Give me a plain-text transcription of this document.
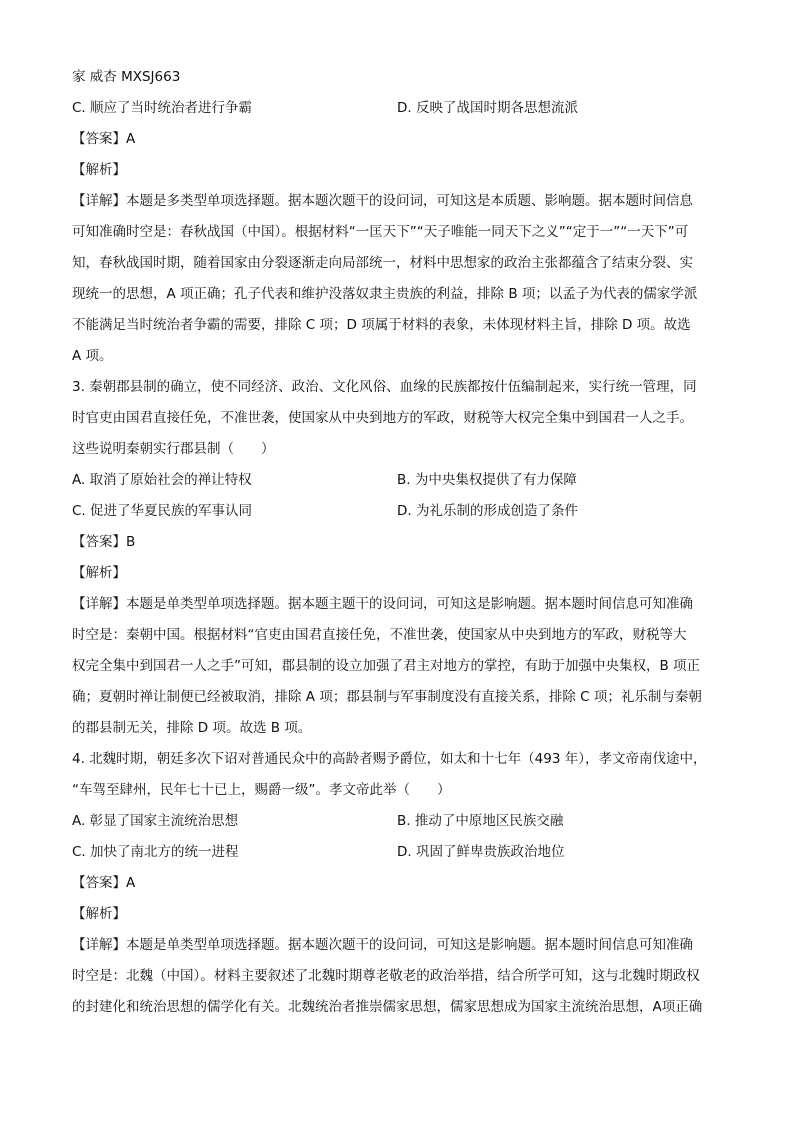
家 威杏 MXSJ663
C. 顺应了当时统治者进行争霸	D. 反映了战国时期各思想流派
【答案】A
【解析】
【详解】本题是多类型单项选择题。据本题次题干的设问词，可知这是本质题、影响题。据本题时间信息
可知准确时空是：春秋战国（中国）。根据材料“一匡天下”“天子唯能一同天下之义”“定于一”“一天下”可
知，春秋战国时期，随着国家由分裂逐渐走向局部统一，材料中思想家的政治主张都蕴含了结束分裂、实
现统一的思想，A 项正确；孔子代表和维护没落奴隶主贵族的利益，排除 B 项；以孟子为代表的儒家学派
不能满足当时统治者争霸的需要，排除 C 项；D 项属于材料的表象，未体现材料主旨，排除 D 项。故选
A 项。
3. 秦朝郡县制的确立，使不同经济、政治、文化风俗、血缘的民族都按什伍编制起来，实行统一管理，同
时官吏由国君直接任免，不准世袭，使国家从中央到地方的军政，财税等大权完全集中到国君一人之手。
这些说明秦朝实行郡县制（　　）
A. 取消了原始社会的禅让特权	B. 为中央集权提供了有力保障
C. 促进了华夏民族的军事认同	D. 为礼乐制的形成创造了条件
【答案】B
【解析】
【详解】本题是单类型单项选择题。据本题主题干的设问词，可知这是影响题。据本题时间信息可知准确
时空是：秦朝中国。根据材料“官吏由国君直接任免，不准世袭，使国家从中央到地方的军政，财税等大
权完全集中到国君一人之手”可知，郡县制的设立加强了君主对地方的掌控，有助于加强中央集权，B 项正
确；夏朝时禅让制便已经被取消，排除 A 项；郡县制与军事制度没有直接关系，排除 C 项；礼乐制与秦朝
的郡县制无关，排除 D 项。故选 B 项。
4. 北魏时期，朝廷多次下诏对普通民众中的高龄者赐予爵位，如太和十七年（493 年），孝文帝南伐途中，
“车驾至肆州，民年七十已上，赐爵一级”。孝文帝此举（　　）
A. 彰显了国家主流统治思想	B. 推动了中原地区民族交融
C. 加快了南北方的统一进程	D. 巩固了鲜卑贵族政治地位
【答案】A
【解析】
【详解】本题是单类型单项选择题。据本题次题干的设问词，可知这是影响题。据本题时间信息可知准确
时空是：北魏（中国）。材料主要叙述了北魏时期尊老敬老的政治举措，结合所学可知，这与北魏时期政权
的封建化和统治思想的儒学化有关。北魏统治者推崇儒家思想，儒家思想成为国家主流统治思想，A项正确
